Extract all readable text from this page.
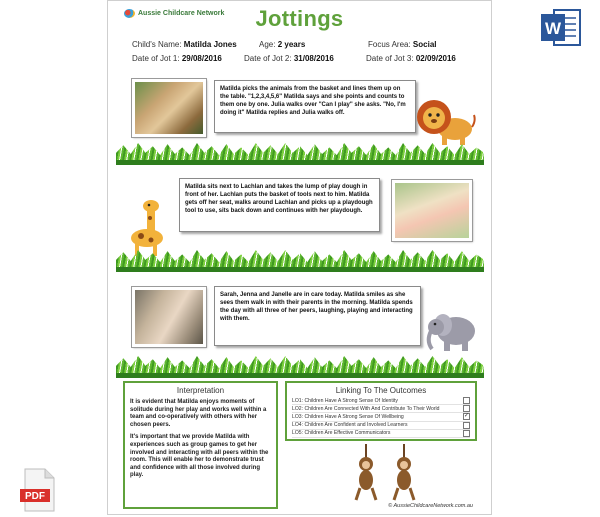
Aussie Childcare Network	Jottings
Child's Name: Matilda Jones	Age: 2 years	Focus Area: Social
Date of Jot 1: 29/08/2016	Date of Jot 2: 31/08/2016	Date of Jot 3: 02/09/2016
Matilda picks the animals from the basket and lines them up on the table. "1,2,3,4,5,6" Matilda says and she points and counts to them one by one. Julia walks over "Can I play" she asks. "No, I'm doing it" Matilda replies and Julia walks off.
Matilda sits next to Lachlan and takes the lump of play dough in front of her. Lachlan puts the basket of tools next to him. Matilda gets off her seat, walks around Lachlan and picks up a playdough tool to use, sits back down and continues with her playdough.
Sarah, Jenna and Janelle are in care today. Matilda smiles as she sees them walk in with their parents in the morning. Matilda spends the day with all three of her peers, laughing, playing and interacting with them.
Interpretation

It is evident that Matilda enjoys moments of solitude during her play and works well within a team and co-operatively with others with her chosen peers.

It's important that we provide Matilda with experiences such as group games to get her involved and interacting with all peers within the room. This will enable her to demonstrate trust and confidence with all those involved during play.

Linking To The Outcomes
LO1: Children Have A Strong Sense Of Identity
LO2: Children Are Connected With And Contribute To Their World
LO3: Children Have A Strong Sense Of Wellbeing	✓
LO4: Children Are Confident and Involved Learners
LO5: Children Are Effective Communicators
© AussieChildcareNetwork.com.au
W
PDF
